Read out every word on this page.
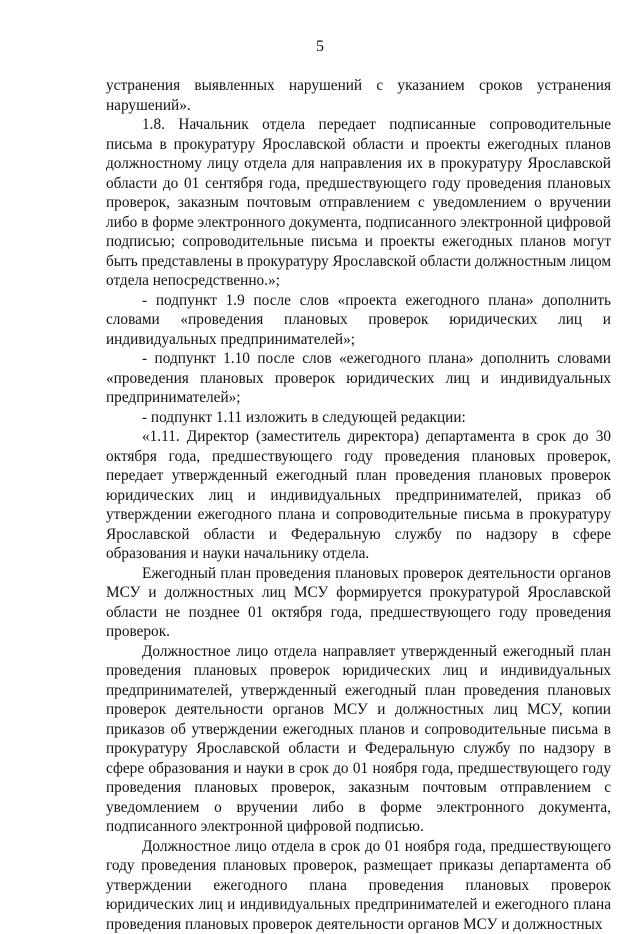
5

устранения выявленных нарушений с указанием сроков устранения нарушений».

1.8. Начальник отдела передает подписанные сопроводительные письма в прокуратуру Ярославской области и проекты ежегодных планов должностному лицу отдела для направления их в прокуратуру Ярославской области до 01 сентября года, предшествующего году проведения плановых проверок, заказным почтовым отправлением с уведомлением о вручении либо в форме электронного документа, подписанного электронной цифровой подписью; сопроводительные письма и проекты ежегодных планов могут быть представлены в прокуратуру Ярославской области должностным лицом отдела непосредственно.»;

- подпункт 1.9 после слов «проекта ежегодного плана» дополнить словами «проведения плановых проверок юридических лиц и индивидуальных предпринимателей»;

- подпункт 1.10 после слов «ежегодного плана» дополнить словами «проведения плановых проверок юридических лиц и индивидуальных предпринимателей»;

- подпункт 1.11 изложить в следующей редакции:

«1.11. Директор (заместитель директора) департамента в срок до 30 октября года, предшествующего году проведения плановых проверок, передает утвержденный ежегодный план проведения плановых проверок юридических лиц и индивидуальных предпринимателей, приказ об утверждении ежегодного плана и сопроводительные письма в прокуратуру Ярославской области и Федеральную службу по надзору в сфере образования и науки начальнику отдела.

Ежегодный план проведения плановых проверок деятельности органов МСУ и должностных лиц МСУ формируется прокуратурой Ярославской области не позднее 01 октября года, предшествующего году проведения проверок.

Должностное лицо отдела направляет утвержденный ежегодный план проведения плановых проверок юридических лиц и индивидуальных предпринимателей, утвержденный ежегодный план проведения плановых проверок деятельности органов МСУ и должностных лиц МСУ, копии приказов об утверждении ежегодных планов и сопроводительные письма в прокуратуру Ярославской области и Федеральную службу по надзору в сфере образования и науки в срок до 01 ноября года, предшествующего году проведения плановых проверок, заказным почтовым отправлением с уведомлением о вручении либо в форме электронного документа, подписанного электронной цифровой подписью.

Должностное лицо отдела в срок до 01 ноября года, предшествующего году проведения плановых проверок, размещает приказы департамента об утверждении ежегодного плана проведения плановых проверок юридических лиц и индивидуальных предпринимателей и ежегодного плана проведения плановых проверок деятельности органов МСУ и должностных
